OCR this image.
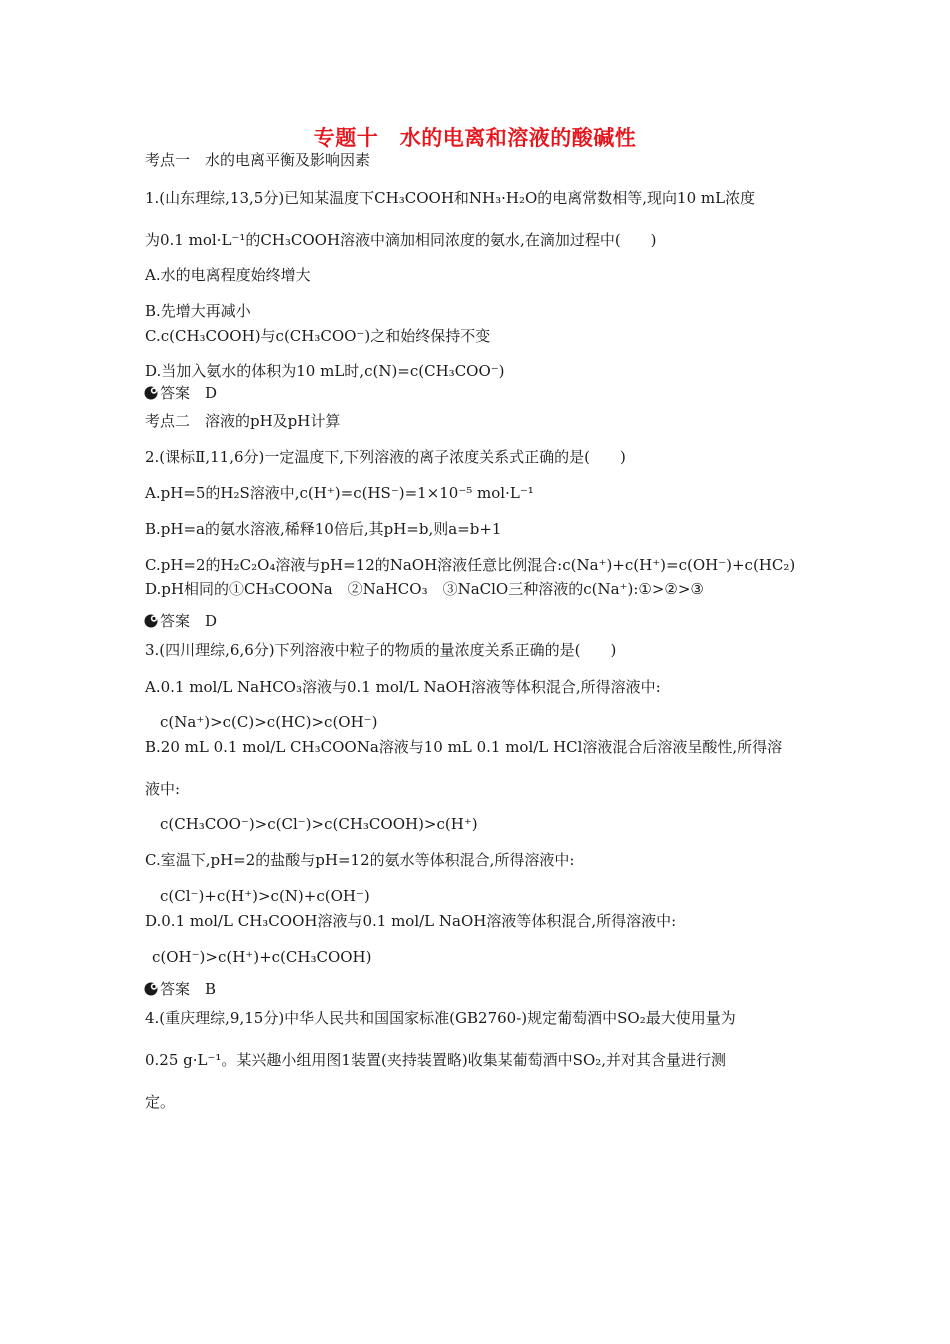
专题十　水的电离和溶液的酸碱性
考点一　水的电离平衡及影响因素
1.(山东理综,13,5分)已知某温度下CH₃COOH和NH₃·H₂O的电离常数相等,现向10 mL浓度
为0.1 mol·L⁻¹的CH₃COOH溶液中滴加相同浓度的氨水,在滴加过程中(　　)
A.水的电离程度始终增大
B.先增大再减小
C.c(CH₃COOH)与c(CH₃COO⁻)之和始终保持不变
D.当加入氨水的体积为10 mL时,c(N)=c(CH₃COO⁻)
答案　D
考点二　溶液的pH及pH计算
2.(课标Ⅱ,11,6分)一定温度下,下列溶液的离子浓度关系式正确的是(　　)
A.pH=5的H₂S溶液中,c(H⁺)=c(HS⁻)=1×10⁻⁵ mol·L⁻¹
B.pH=a的氨水溶液,稀释10倍后,其pH=b,则a=b+1
C.pH=2的H₂C₂O₄溶液与pH=12的NaOH溶液任意比例混合:c(Na⁺)+c(H⁺)=c(OH⁻)+c(HC₂)
D.pH相同的①CH₃COONa　②NaHCO₃　③NaClO三种溶液的c(Na⁺):①>②>③
答案　D
3.(四川理综,6,6分)下列溶液中粒子的物质的量浓度关系正确的是(　　)
A.0.1 mol/L NaHCO₃溶液与0.1 mol/L NaOH溶液等体积混合,所得溶液中:
c(Na⁺)>c(C)>c(HC)>c(OH⁻)
B.20 mL 0.1 mol/L CH₃COONa溶液与10 mL 0.1 mol/L HCl溶液混合后溶液呈酸性,所得溶
液中:
c(CH₃COO⁻)>c(Cl⁻)>c(CH₃COOH)>c(H⁺)
C.室温下,pH=2的盐酸与pH=12的氨水等体积混合,所得溶液中:
c(Cl⁻)+c(H⁺)>c(N)+c(OH⁻)
D.0.1 mol/L CH₃COOH溶液与0.1 mol/L NaOH溶液等体积混合,所得溶液中:
c(OH⁻)>c(H⁺)+c(CH₃COOH)
答案　B
4.(重庆理综,9,15分)中华人民共和国国家标准(GB2760-)规定葡萄酒中SO₂最大使用量为
0.25 g·L⁻¹。某兴趣小组用图1装置(夹持装置略)收集某葡萄酒中SO₂,并对其含量进行测
定。
